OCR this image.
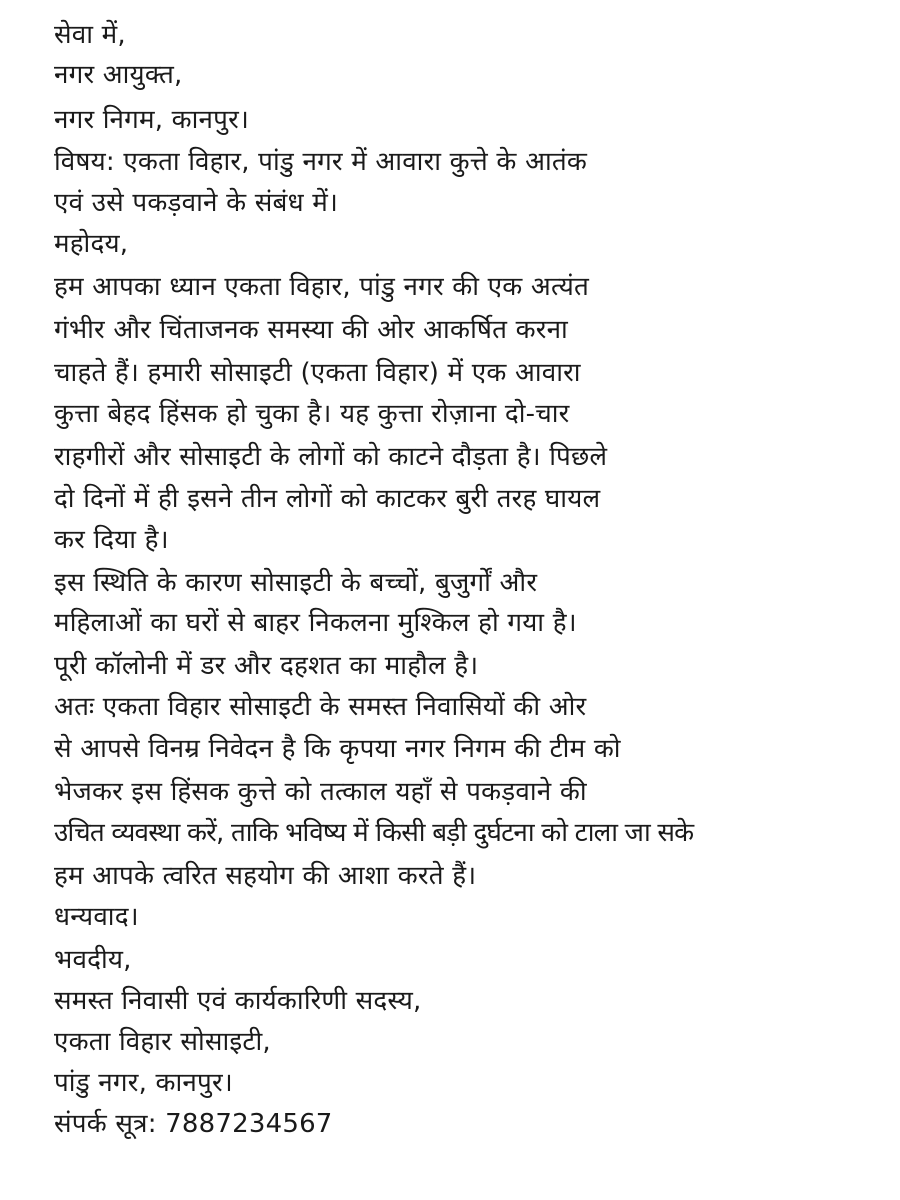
सेवा में,
नगर आयुक्त,
नगर निगम, कानपुर।
विषय: एकता विहार, पांडु नगर में आवारा कुत्ते के आतंक
एवं उसे पकड़वाने के संबंध में।
महोदय,
हम आपका ध्यान एकता विहार, पांडु नगर की एक अत्यंत
गंभीर और चिंताजनक समस्या की ओर आकर्षित करना
चाहते हैं। हमारी सोसाइटी (एकता विहार) में एक आवारा
कुत्ता बेहद हिंसक हो चुका है। यह कुत्ता रोज़ाना दो-चार
राहगीरों और सोसाइटी के लोगों को काटने दौड़ता है। पिछले
दो दिनों में ही इसने तीन लोगों को काटकर बुरी तरह घायल
कर दिया है।
इस स्थिति के कारण सोसाइटी के बच्चों, बुजुर्गों और
महिलाओं का घरों से बाहर निकलना मुश्किल हो गया है।
पूरी कॉलोनी में डर और दहशत का माहौल है।
अतः एकता विहार सोसाइटी के समस्त निवासियों की ओर
से आपसे विनम्र निवेदन है कि कृपया नगर निगम की टीम को
भेजकर इस हिंसक कुत्ते को तत्काल यहाँ से पकड़वाने की
उचित व्यवस्था करें, ताकि भविष्य में किसी बड़ी दुर्घटना को टाला जा सके
हम आपके त्वरित सहयोग की आशा करते हैं।
धन्यवाद।
भवदीय,
समस्त निवासी एवं कार्यकारिणी सदस्य,
एकता विहार सोसाइटी,
पांडु नगर, कानपुर।
संपर्क सूत्र: 7887234567
